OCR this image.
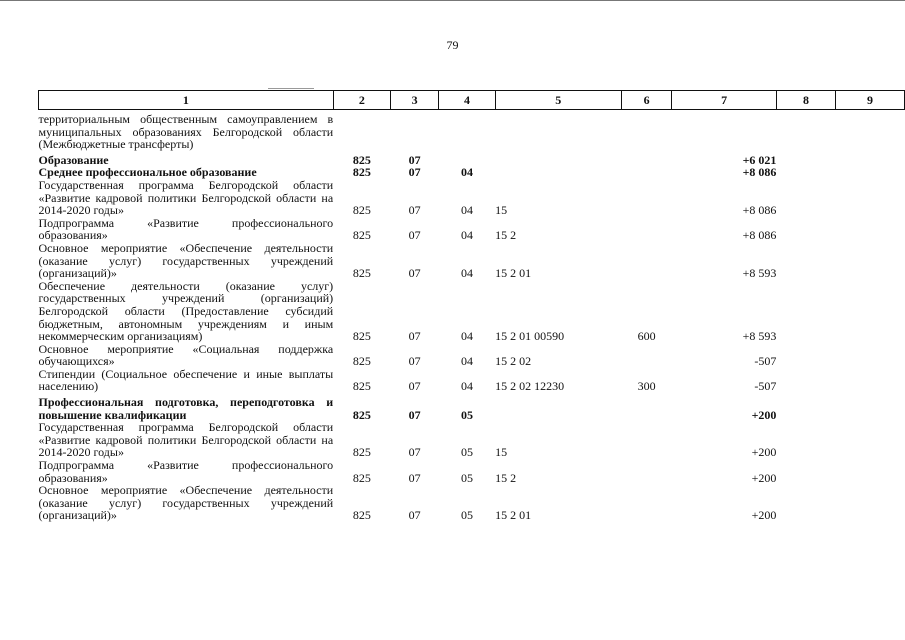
79
1	2	3	4	5	6	7	8	9
территориальным общественным самоуправлением в муниципальных образованиях Белгородской области (Межбюджетные трансферты)								
Образование	825	07				+6 021		
Среднее профессиональное образование	825	07	04			+8 086		
Государственная программа Белгородской области «Развитие кадровой политики Белгородской области на 2014-2020 годы»	825	07	04	15		+8 086		
Подпрограмма «Развитие профессионального образования»	825	07	04	15 2		+8 086		
Основное мероприятие «Обеспечение деятельности (оказание услуг) государственных учреждений (организаций)»	825	07	04	15 2 01		+8 593		
Обеспечение деятельности (оказание услуг) государственных учреждений (организаций) Белгородской области (Предоставление субсидий бюджетным, автономным учреждениям и иным некоммерческим организациям)	825	07	04	15 2 01 00590	600	+8 593		
Основное мероприятие «Социальная поддержка обучающихся»	825	07	04	15 2 02		-507		
Стипендии (Социальное обеспечение и иные выплаты населению)	825	07	04	15 2 02 12230	300	-507		
Профессиональная подготовка, переподготовка и повышение квалификации	825	07	05			+200		
Государственная программа Белгородской области «Развитие кадровой политики Белгородской области на 2014-2020 годы»	825	07	05	15		+200		
Подпрограмма «Развитие профессионального образования»	825	07	05	15 2		+200		
Основное мероприятие «Обеспечение деятельности (оказание услуг) государственных учреждений (организаций)»	825	07	05	15 2 01		+200		
